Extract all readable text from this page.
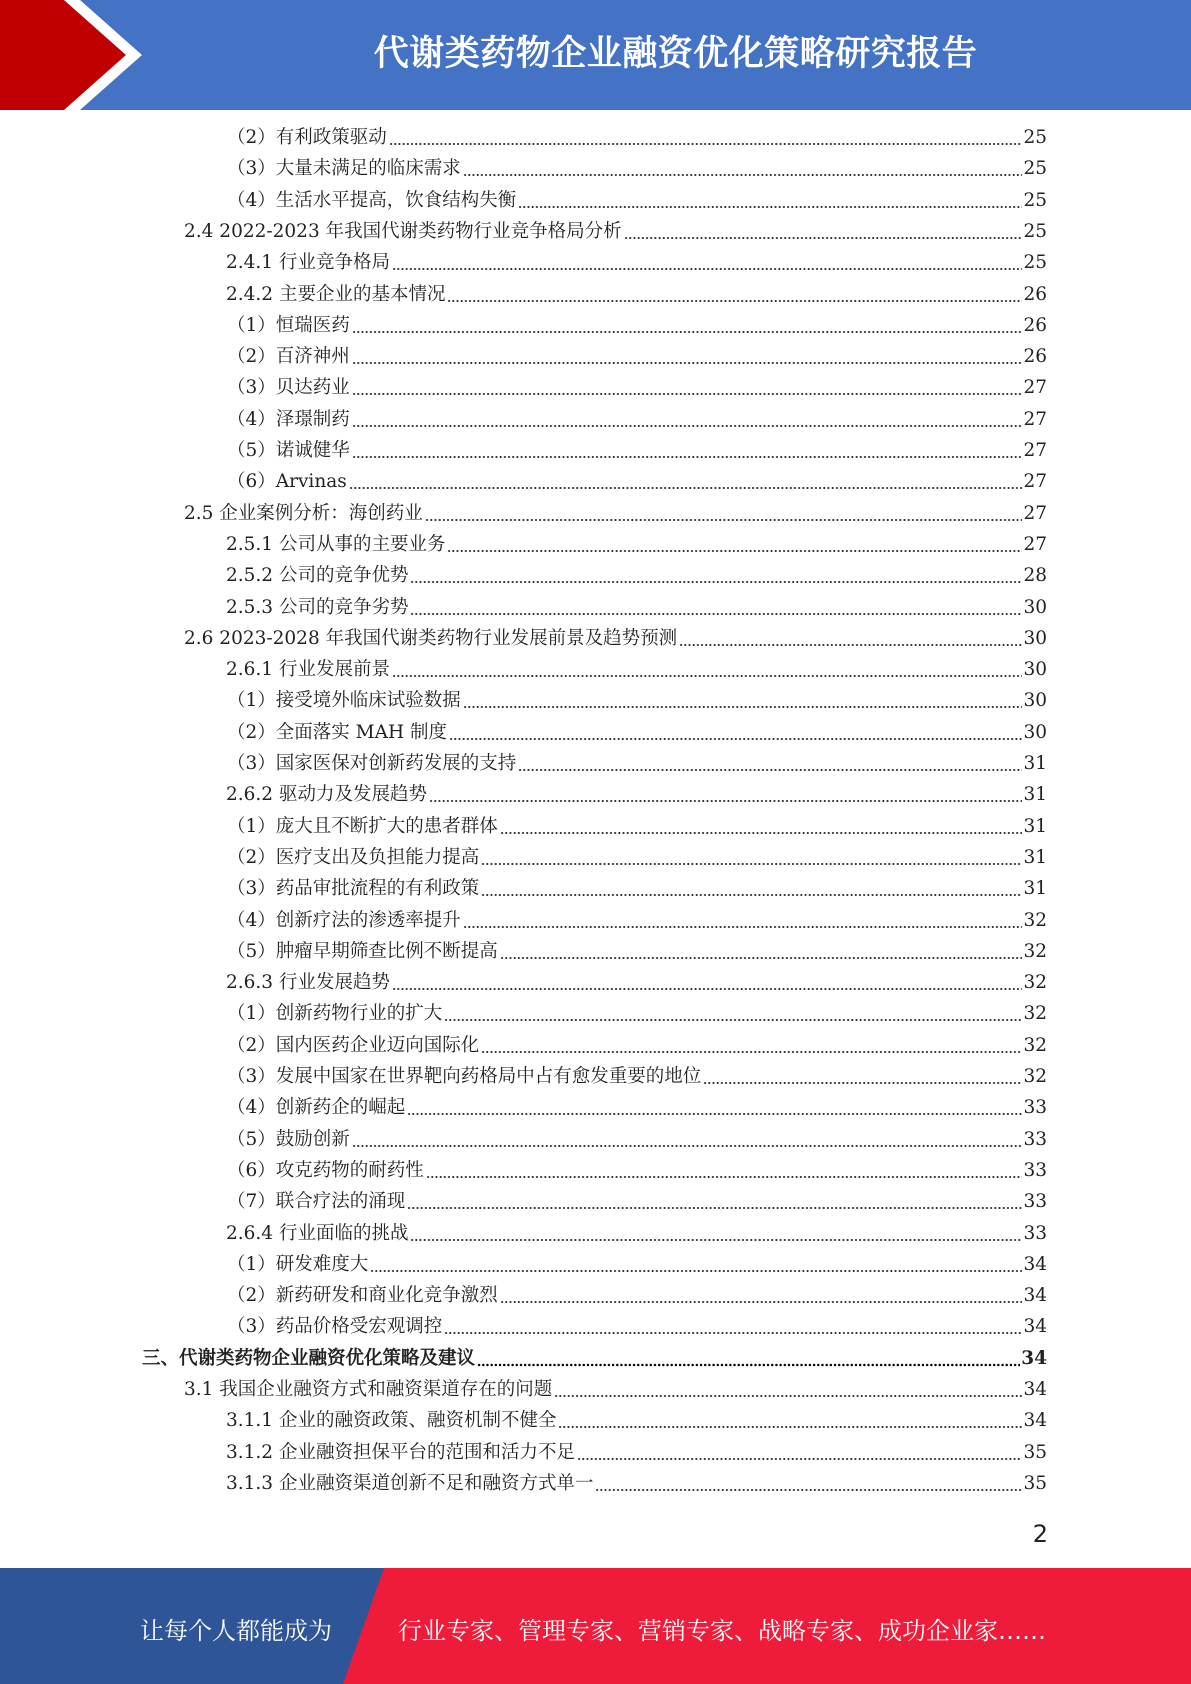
代谢类药物企业融资优化策略研究报告
（2）有利政策驱动	25
（3）大量未满足的临床需求	25
（4）生活水平提高，饮食结构失衡	25
2.4 2022-2023 年我国代谢类药物行业竞争格局分析	25
2.4.1 行业竞争格局	25
2.4.2 主要企业的基本情况	26
（1）恒瑞医药	26
（2）百济神州	26
（3）贝达药业	27
（4）泽璟制药	27
（5）诺诚健华	27
（6）Arvinas	27
2.5 企业案例分析：海创药业	27
2.5.1 公司从事的主要业务	27
2.5.2 公司的竞争优势	28
2.5.3 公司的竞争劣势	30
2.6 2023-2028 年我国代谢类药物行业发展前景及趋势预测	30
2.6.1 行业发展前景	30
（1）接受境外临床试验数据	30
（2）全面落实 MAH 制度	30
（3）国家医保对创新药发展的支持	31
2.6.2 驱动力及发展趋势	31
（1）庞大且不断扩大的患者群体	31
（2）医疗支出及负担能力提高	31
（3）药品审批流程的有利政策	31
（4）创新疗法的渗透率提升	32
（5）肿瘤早期筛查比例不断提高	32
2.6.3 行业发展趋势	32
（1）创新药物行业的扩大	32
（2）国内医药企业迈向国际化	32
（3）发展中国家在世界靶向药格局中占有愈发重要的地位	32
（4）创新药企的崛起	33
（5）鼓励创新	33
（6）攻克药物的耐药性	33
（7）联合疗法的涌现	33
2.6.4 行业面临的挑战	33
（1）研发难度大	34
（2）新药研发和商业化竞争激烈	34
（3）药品价格受宏观调控	34
三、代谢类药物企业融资优化策略及建议	34
3.1 我国企业融资方式和融资渠道存在的问题	34
3.1.1 企业的融资政策、融资机制不健全	34
3.1.2 企业融资担保平台的范围和活力不足	35
3.1.3 企业融资渠道创新不足和融资方式单一	35
2
让每个人都能成为	行业专家、管理专家、营销专家、战略专家、成功企业家……
